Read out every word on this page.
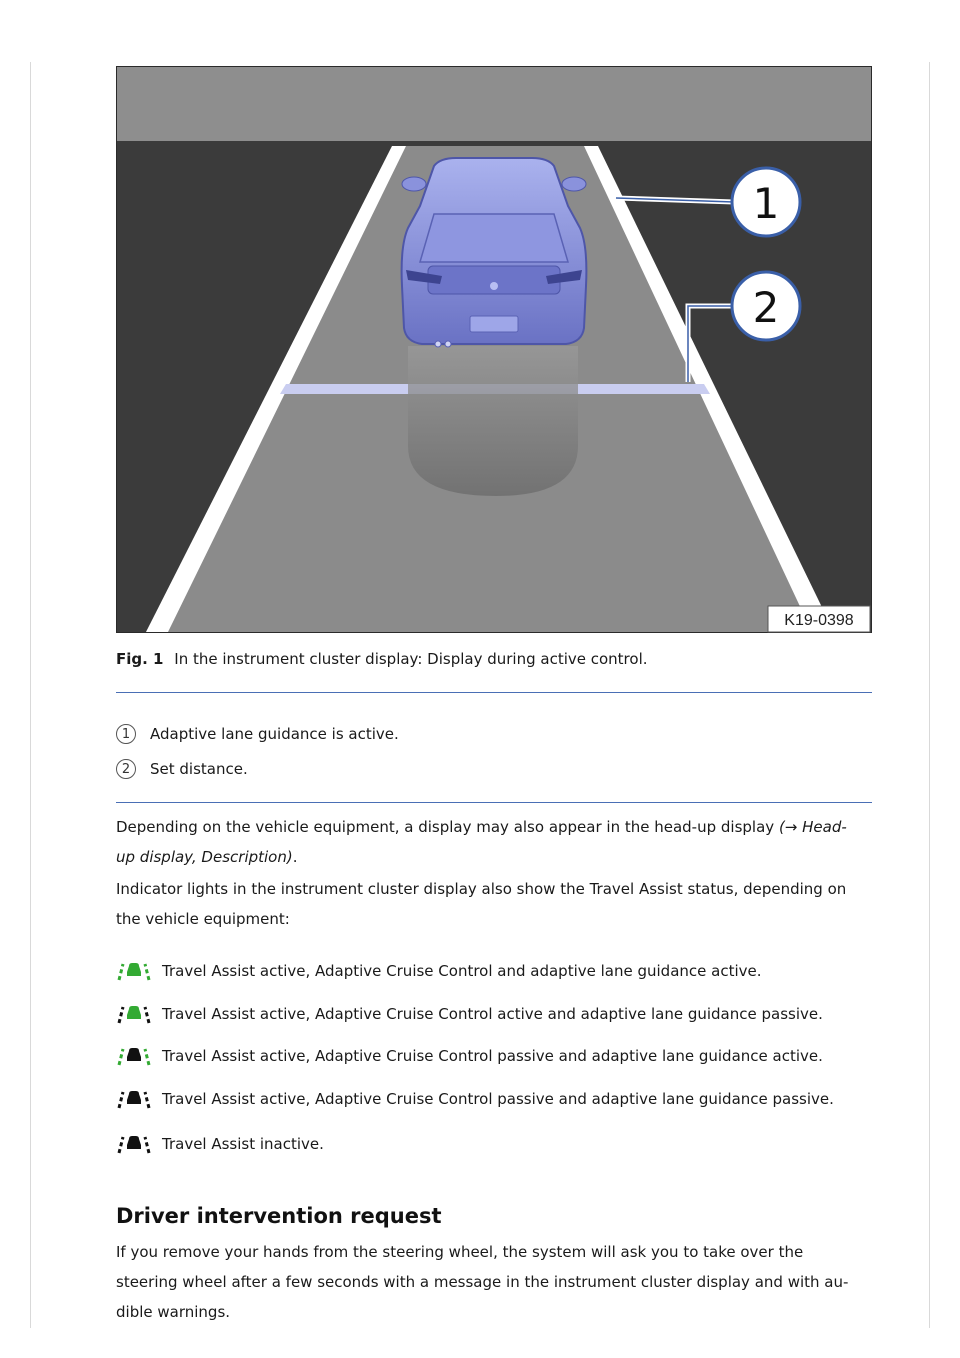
1
2
K19-0398
Fig. 1 In the instrument cluster display: Display during active control.
1	Adaptive lane guidance is active.
2	Set distance.
Depending on the vehicle equipment, a display may also appear in the head-up display (→ Head-
up display, Description).
Indicator lights in the instrument cluster display also show the Travel Assist status, depending on
the vehicle equipment:
Travel Assist active, Adaptive Cruise Control and adaptive lane guidance active.
Travel Assist active, Adaptive Cruise Control active and adaptive lane guidance passive.
Travel Assist active, Adaptive Cruise Control passive and adaptive lane guidance active.
Travel Assist active, Adaptive Cruise Control passive and adaptive lane guidance passive.
Travel Assist inactive.
Driver intervention request
If you remove your hands from the steering wheel, the system will ask you to take over the
steering wheel after a few seconds with a message in the instrument cluster display and with au-
dible warnings.
